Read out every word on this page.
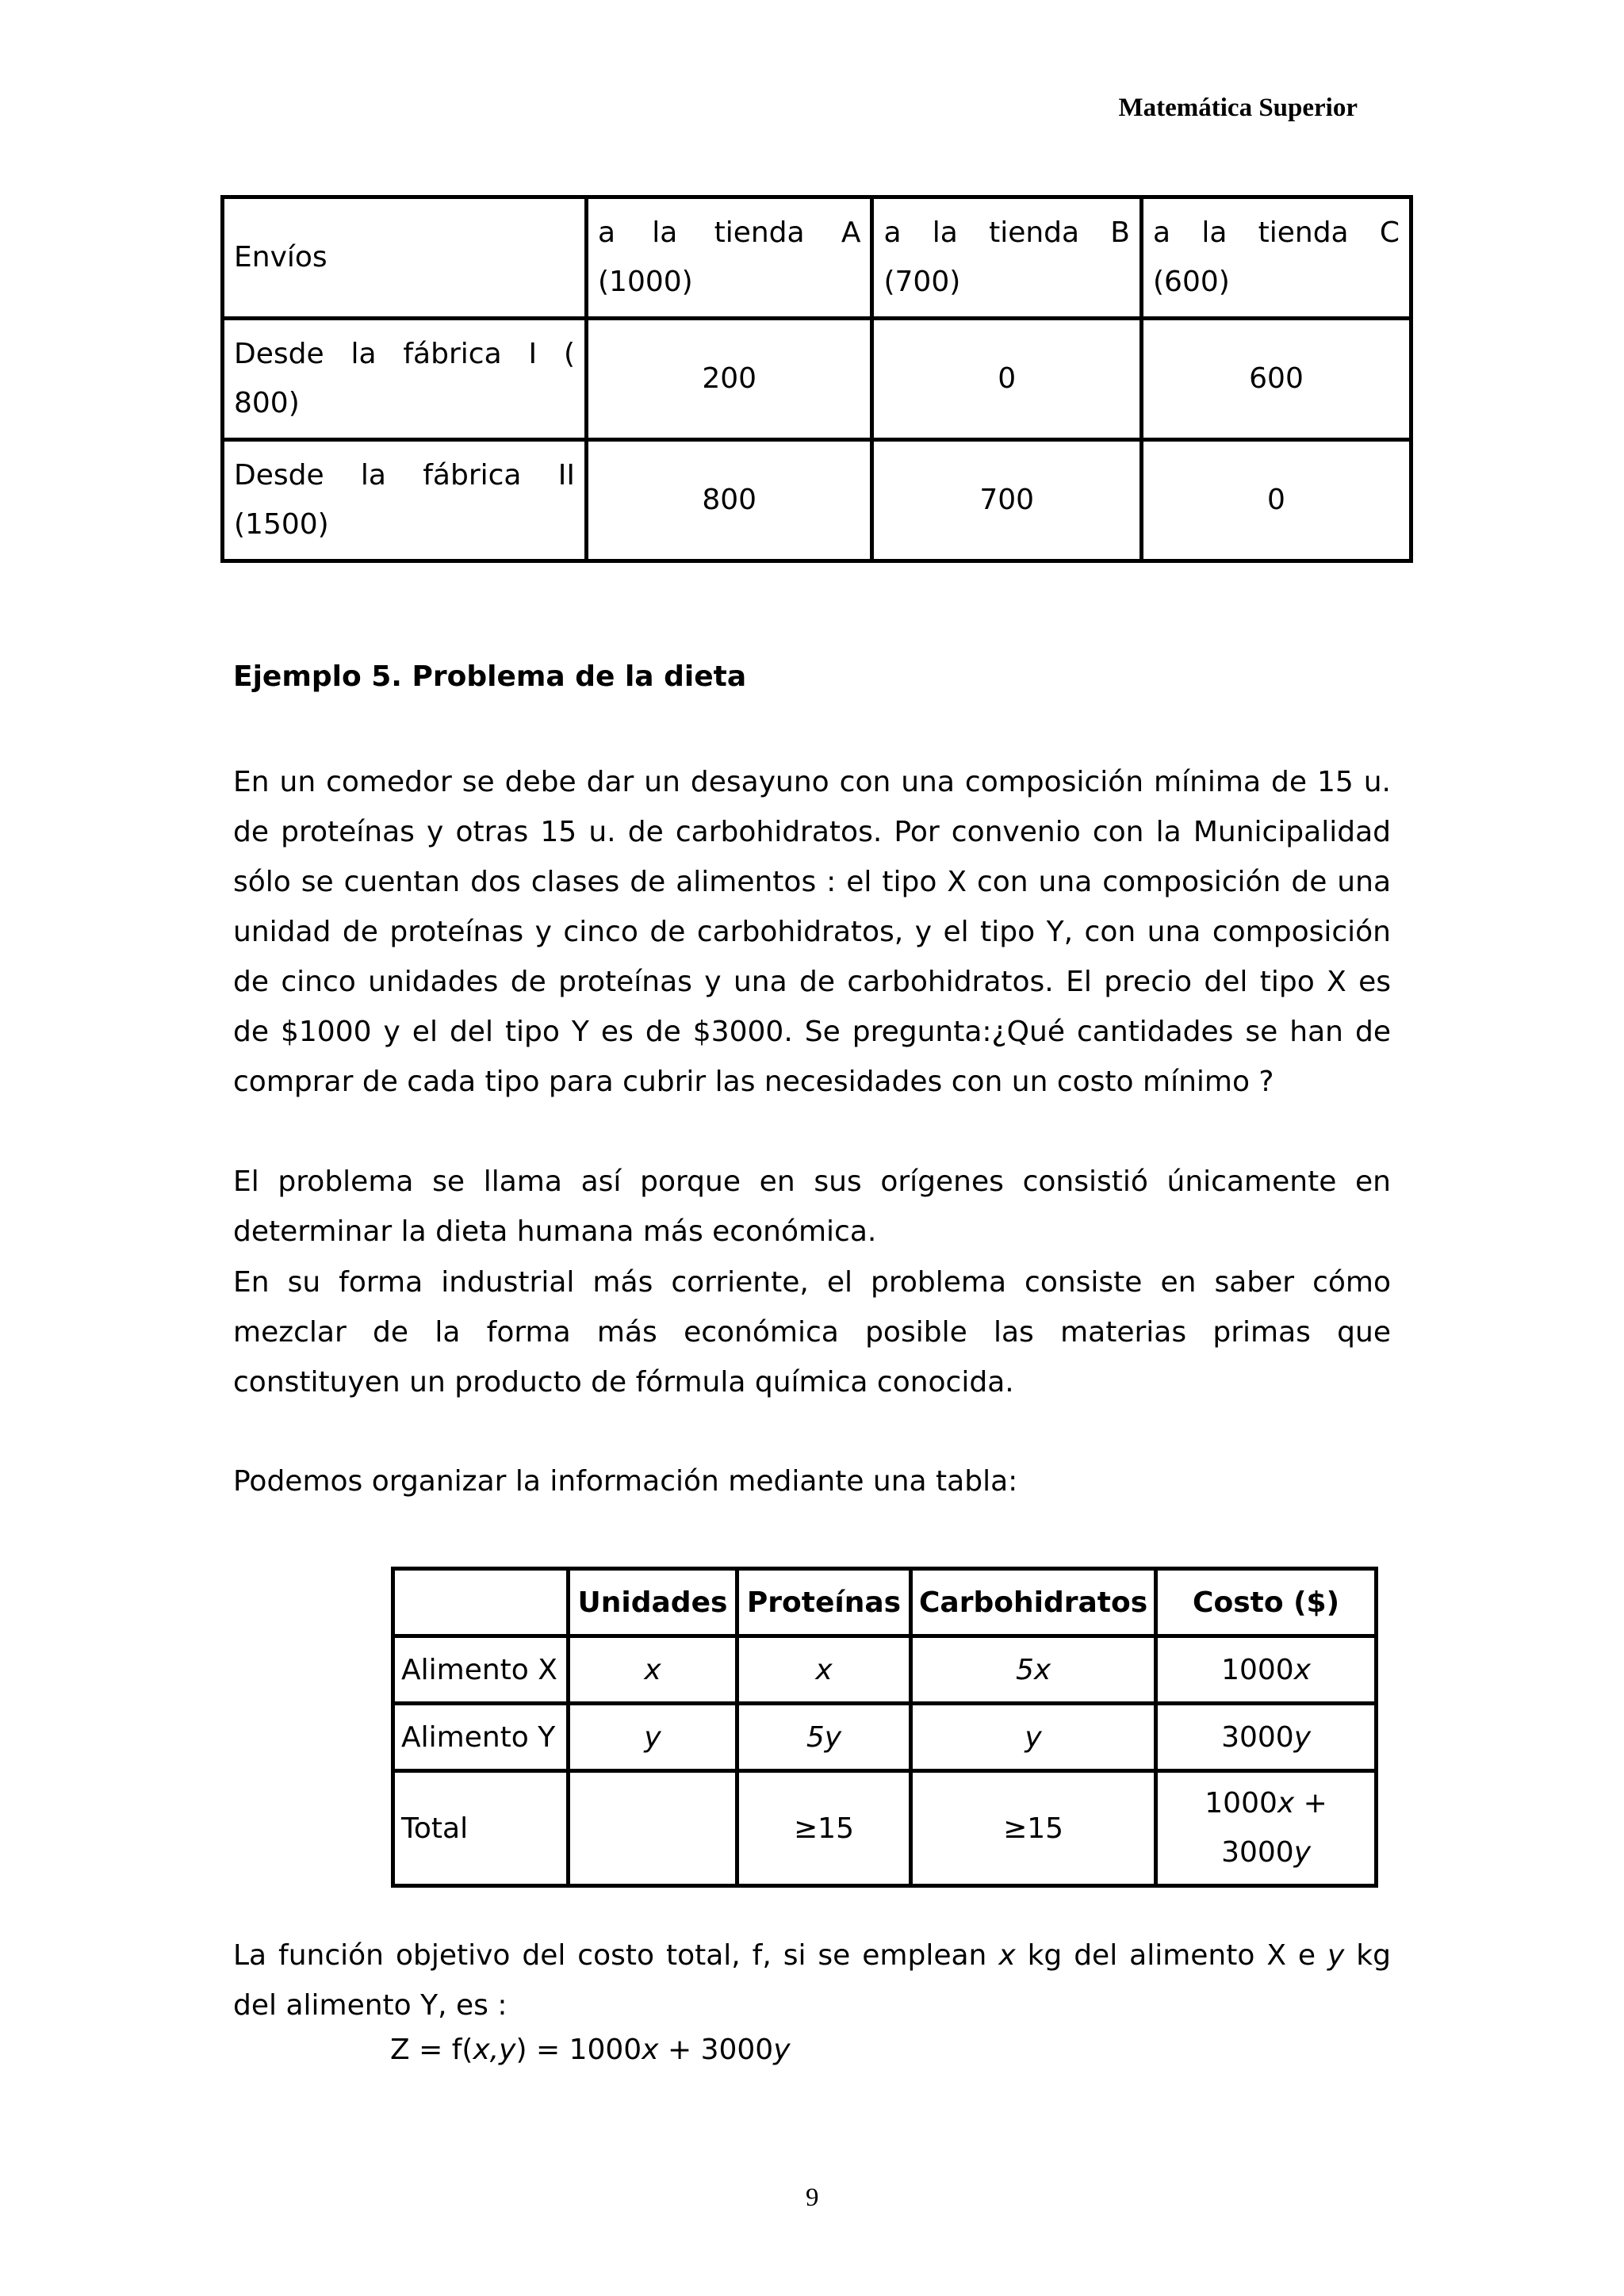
Matemática Superior
Envíos	a la tienda A (1000)	a la tienda B (700)	a la tienda C (600)
Desde la fábrica I ( 800)	200	0	600
Desde la fábrica II (1500)	800	700	0
Ejemplo 5. Problema de la dieta

En un comedor se debe dar un desayuno con una composición mínima de 15 u. de proteínas y otras 15 u. de carbohidratos. Por convenio con la Municipalidad sólo se cuentan dos clases de alimentos : el tipo X con una composición de una unidad de proteínas y cinco de carbohidratos, y el tipo Y, con una composición de cinco unidades de proteínas y una de carbohidratos. El precio del tipo X es de $1000 y el del tipo Y es de $3000. Se pregunta:¿Qué cantidades se han de comprar de cada tipo para cubrir las necesidades con un costo mínimo ?

El problema se llama así porque en sus orígenes consistió únicamente en determinar la dieta humana más económica.

En su forma industrial más corriente, el problema consiste en saber cómo mezclar de la forma más económica posible las materias primas que constituyen un producto de fórmula química conocida.

Podemos organizar la información mediante una tabla:

	Unidades	Proteínas	Carbohidratos	Costo ($)
Alimento X	x	x	5x	1000x
Alimento Y	y	5y	y	3000y
Total		≥15	≥15	1000x +
3000y

La función objetivo del costo total, f, si se emplean x kg del alimento X e y kg del alimento Y, es :

Z = f(x,y) = 1000x + 3000y
9
